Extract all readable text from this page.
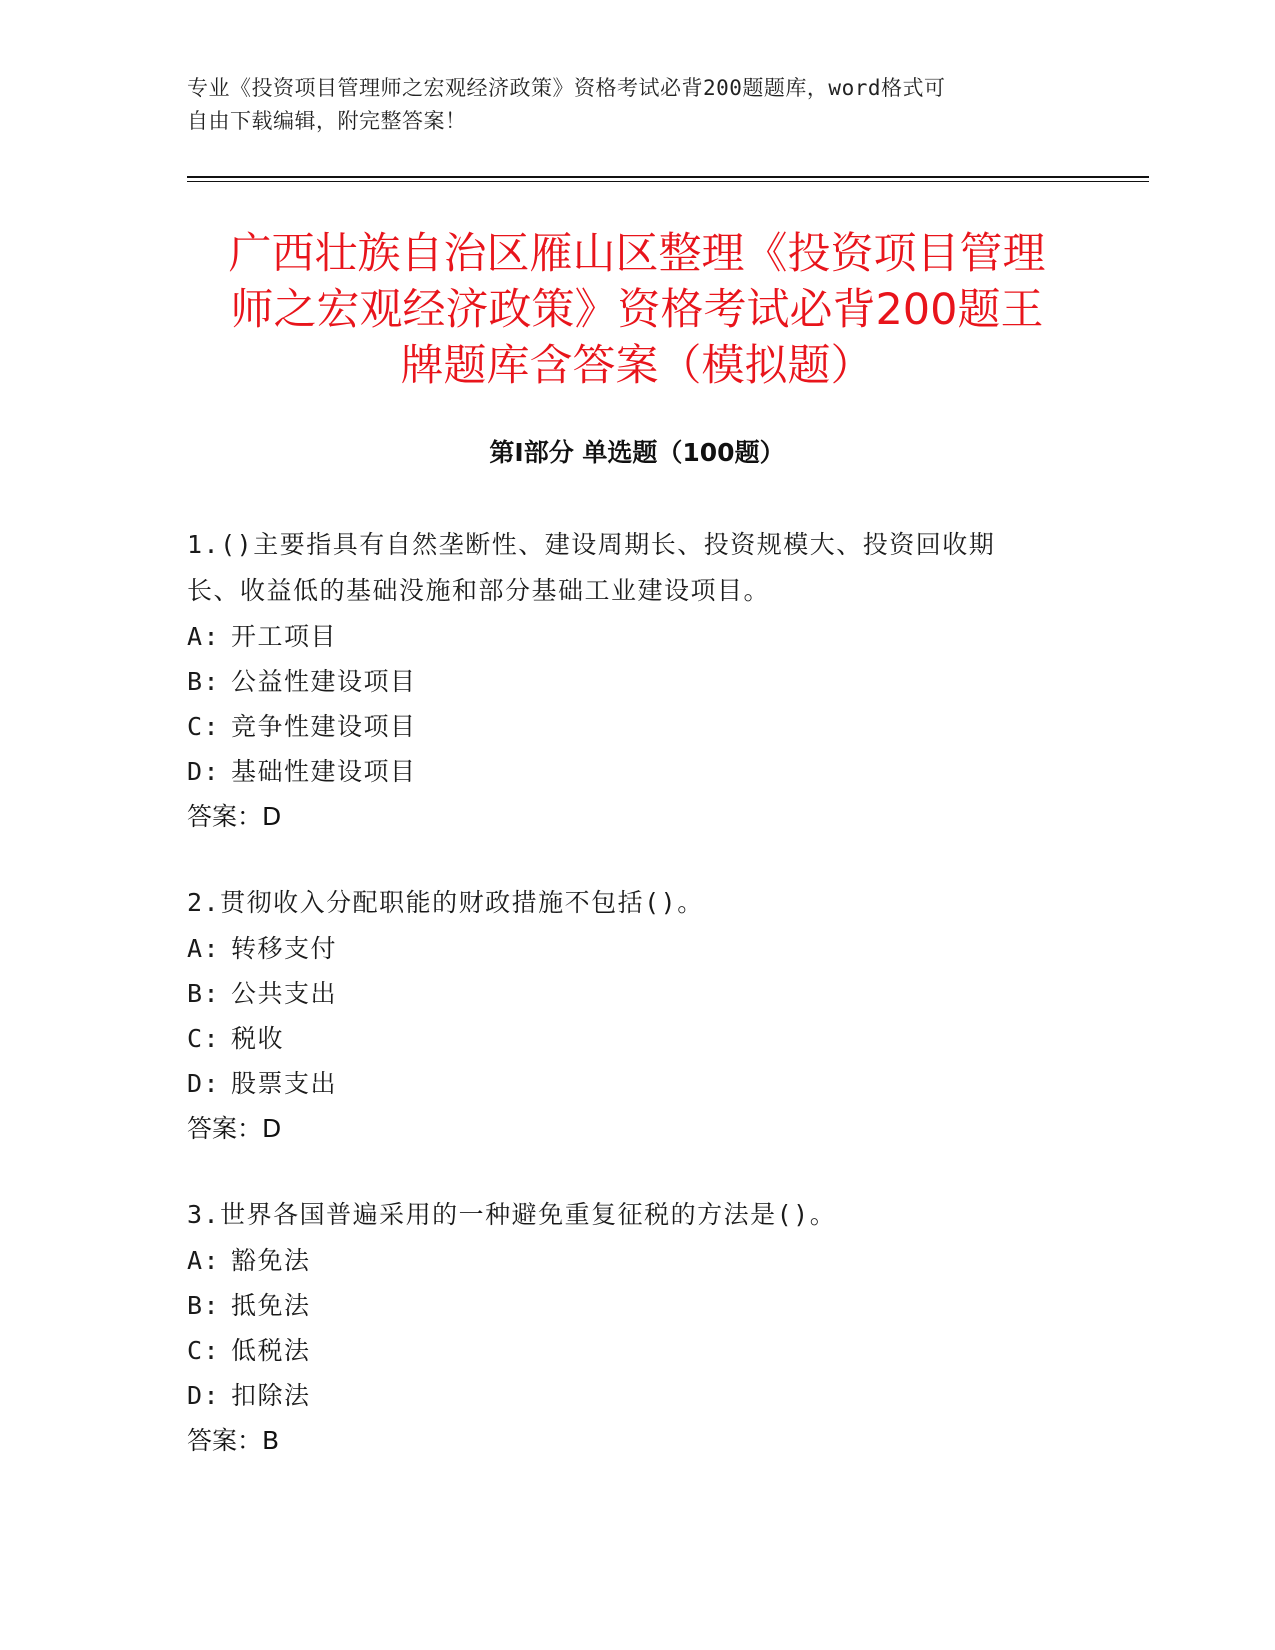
专业《投资项目管理师之宏观经济政策》资格考试必背200题题库，word格式可
自由下载编辑，附完整答案！
广西壮族自治区雁山区整理《投资项目管理
师之宏观经济政策》资格考试必背200题王
牌题库含答案（模拟题）
第Ⅰ部分 单选题（100题）

1.()主要指具有自然垄断性、建设周期长、投资规模大、投资回收期
长、收益低的基础没施和部分基础工业建设项目。

A: 开工项目

B: 公益性建设项目

C: 竞争性建设项目

D: 基础性建设项目

答案：D

2.贯彻收入分配职能的财政措施不包括()。

A: 转移支付

B: 公共支出

C: 税收

D: 股票支出

答案：D

3.世界各国普遍采用的一种避免重复征税的方法是()。

A: 豁免法

B: 抵免法

C: 低税法

D: 扣除法

答案：B
